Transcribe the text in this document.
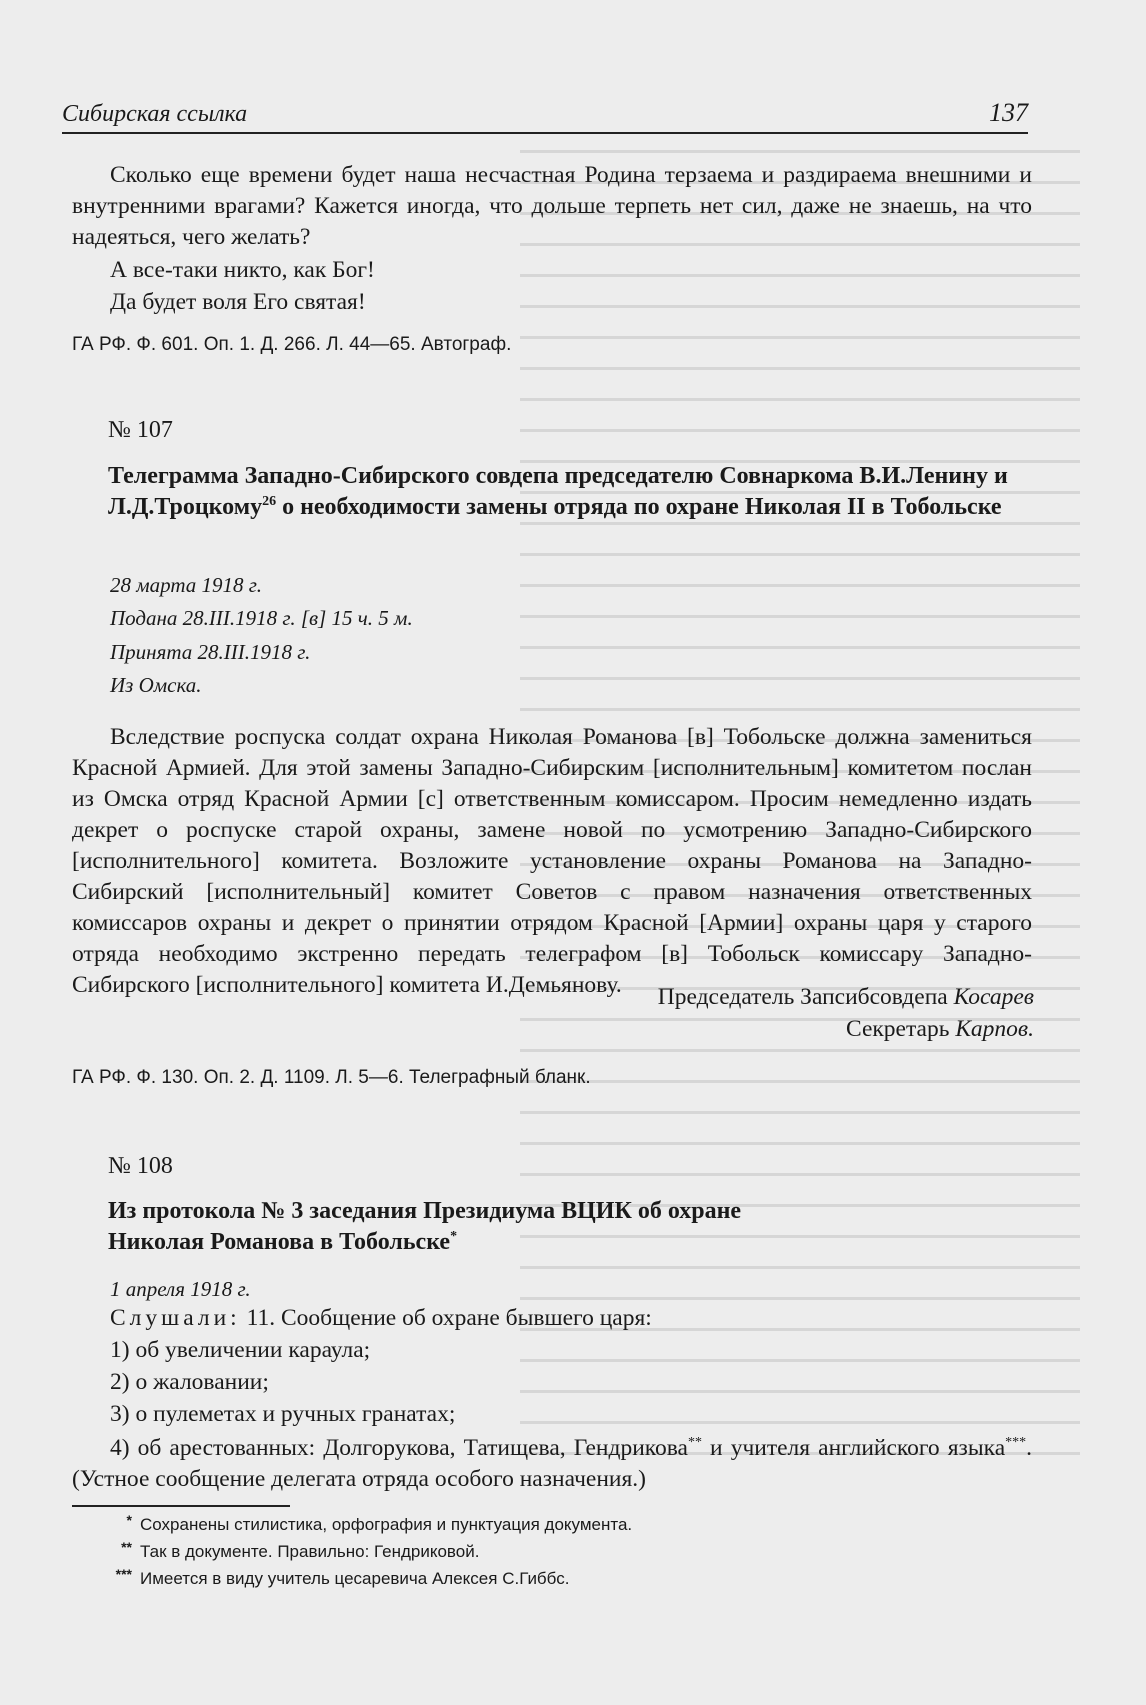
Сибирская ссылка	137

Сколько еще времени будет наша несчастная Родина терзаема и раздираема внешними и внутренними врагами? Кажется иногда, что дольше терпеть нет сил, даже не знаешь, на что надеяться, чего желать?

А все-таки никто, как Бог!

Да будет воля Его святая!

ГА РФ. Ф. 601. Оп. 1. Д. 266. Л. 44—65. Автограф.

№ 107

Телеграмма Западно-Сибирского совдепа председателю Совнаркома В.И.Ленину и Л.Д.Троцкому$^{26}$ о необходимости замены отряда по охране Николая II в Тобольске

28 марта 1918 г.

Подана 28.III.1918 г. [в] 15 ч. 5 м.

Принята 28.III.1918 г.

Из Омска.

Вследствие роспуска солдат охрана Николая Романова [в] Тобольске должна замениться Красной Армией. Для этой замены Западно-Сибирским [исполнительным] комитетом послан из Омска отряд Красной Армии [с] ответственным комиссаром. Просим немедленно издать декрет о роспуске старой охраны, замене новой по усмотрению Западно-Сибирского [исполнительного] комитета. Возложите установление охраны Романова на Западно-Сибирский [исполнительный] комитет Советов с правом назначения ответственных комиссаров охраны и декрет о принятии отрядом Красной [Армии] охраны царя у старого отряда необходимо экстренно передать телеграфом [в] Тобольск комиссару Западно-Сибирского [исполнительного] комитета И.Демьянову.	Председатель Запсибсовдепа Косарев

Секретарь Карпов.

ГА РФ. Ф. 130. Оп. 2. Д. 1109. Л. 5—6. Телеграфный бланк.

№ 108

Из протокола № 3 заседания Президиума ВЦИК об охране
Николая Романова в Тобольске*

1 апреля 1918 г.

Слушали: 11. Сообщение об охране бывшего царя:

1) об увеличении караула;

2) о жаловании;

3) о пулеметах и ручных гранатах;

4) об арестованных: Долгорукова, Татищева, Гендрикова** и учителя английского языка***. (Устное сообщение делегата отряда особого назначения.)

* Сохранены стилистика, орфография и пунктуация документа.

** Так в документе. Правильно: Гендриковой.

*** Имеется в виду учитель цесаревича Алексея С.Гиббс.
